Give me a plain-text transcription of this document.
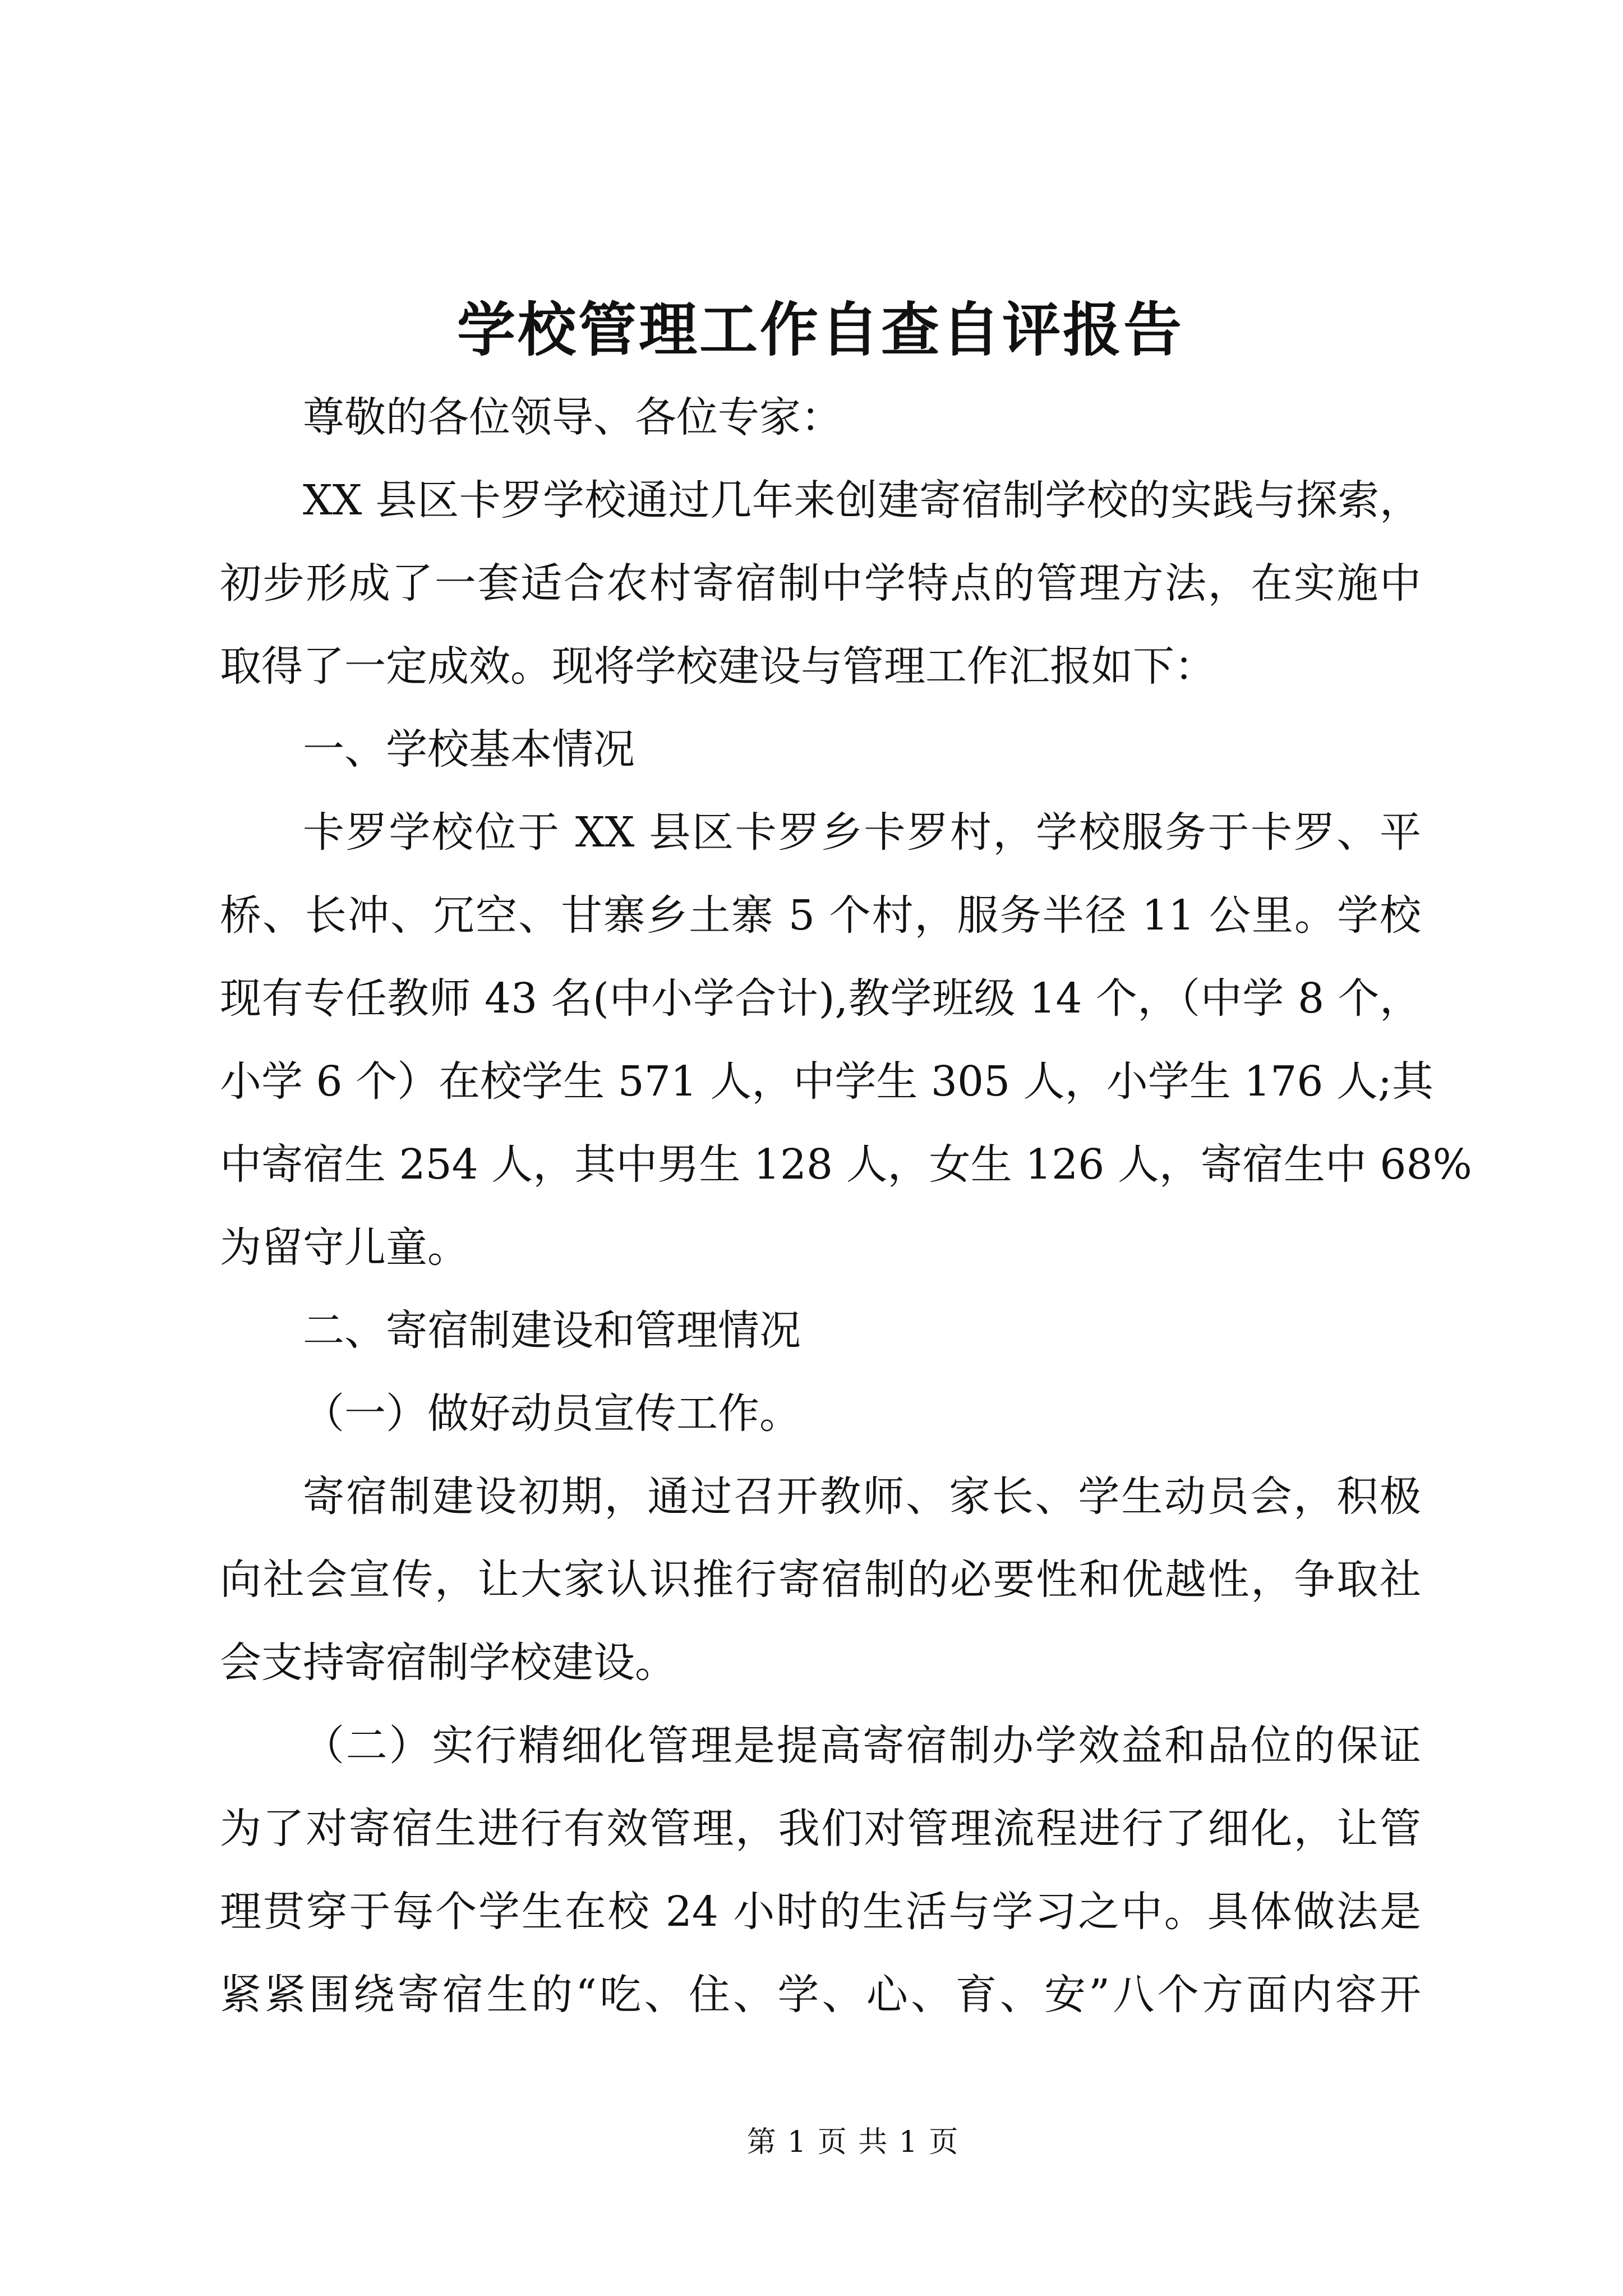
学校管理工作自查自评报告
尊敬的各位领导、各位专家：
XX 县区卡罗学校通过几年来创建寄宿制学校的实践与探索，
初步形成了一套适合农村寄宿制中学特点的管理方法，在实施中
取得了一定成效。现将学校建设与管理工作汇报如下：
一、学校基本情况
卡罗学校位于 XX 县区卡罗乡卡罗村，学校服务于卡罗、平
桥、长冲、冗空、甘寨乡土寨 5 个村，服务半径 11 公里。学校
现有专任教师 43 名(中小学合计),教学班级 14 个，（中学 8 个，
小学 6 个）在校学生 571 人，中学生 305 人，小学生 176 人;其
中寄宿生 254 人，其中男生 128 人，女生 126 人，寄宿生中 68%
为留守儿童。
二、寄宿制建设和管理情况
（一）做好动员宣传工作。
寄宿制建设初期，通过召开教师、家长、学生动员会，积极
向社会宣传，让大家认识推行寄宿制的必要性和优越性，争取社
会支持寄宿制学校建设。
（二）实行精细化管理是提高寄宿制办学效益和品位的保证
为了对寄宿生进行有效管理，我们对管理流程进行了细化，让管
理贯穿于每个学生在校 24 小时的生活与学习之中。具体做法是
紧紧围绕寄宿生的“吃、住、学、心、育、安”八个方面内容开
第 1 页 共 1 页
